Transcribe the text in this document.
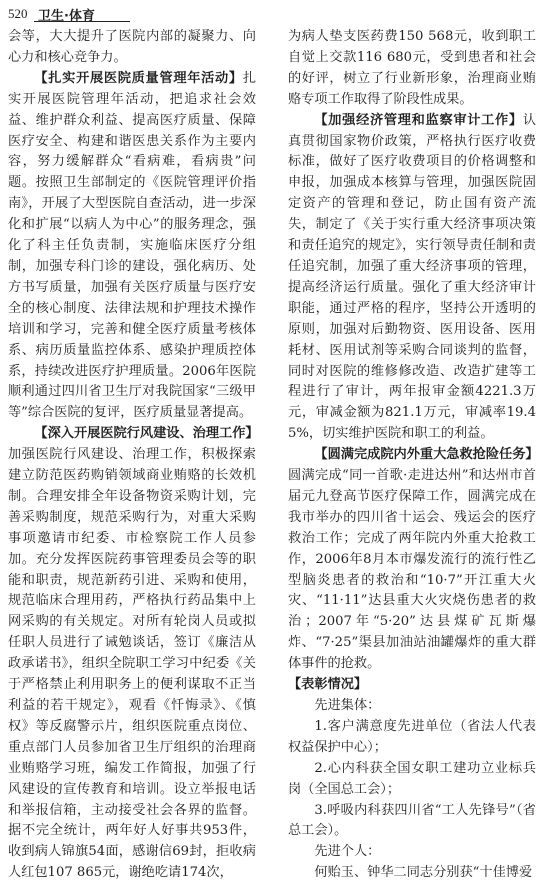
520 卫生·体育

会等，大大提升了医院内部的凝聚力、向心力和核心竞争力。

【扎实开展医院质量管理年活动】扎实开展医院管理年活动，把追求社会效益、维护群众利益、提高医疗质量、保障医疗安全、构建和谐医患关系作为主要内容，努力缓解群众“看病难，看病贵”问题。按照卫生部制定的《医院管理评价指南》，开展了大型医院自查活动，进一步深化和扩展“以病人为中心”的服务理念，强化了科主任负责制，实施临床医疗分组制，加强专科门诊的建设，强化病历、处方书写质量，加强有关医疗质量与医疗安全的核心制度、法律法规和护理技术操作培训和学习，完善和健全医疗质量考核体系、病历质量监控体系、感染护理质控体系，持续改进医疗护理质量。2006年医院顺利通过四川省卫生厅对我院国家“三级甲等”综合医院的复评，医疗质量显著提高。

【深入开展医院行风建设、治理工作】加强医院行风建设、治理工作，积极探索建立防范医药购销领域商业贿赂的长效机制。合理安排全年设备物资采购计划，完善采购制度，规范采购行为，对重大采购事项邀请市纪委、市检察院工作人员参加。充分发挥医院药事管理委员会等的职能和职责，规范新药引进、采购和使用，规范临床合理用药，严格执行药品集中上网采购的有关规定。对所有轮岗人员或拟任职人员进行了诫勉谈话，签订《廉洁从政承诺书》，组织全院职工学习中纪委《关于严格禁止利用职务上的便利谋取不正当利益的若干规定》，观看《忏悔录》、《慎权》等反腐警示片，组织医院重点岗位、重点部门人员参加省卫生厅组织的治理商业贿赂学习班，编发工作简报，加强了行风建设的宣传教育和培训。设立举报电话和举报信箱，主动接受社会各界的监督。据不完全统计，两年好人好事共953件，收到病人锦旗54面，感谢信69封，拒收病人红包107 865元，谢绝吃请174次，

为病人垫支医药费150 568元，收到职工自觉上交款116 680元，受到患者和社会的好评，树立了行业新形象，治理商业贿赂专项工作取得了阶段性成果。

【加强经济管理和监察审计工作】认真贯彻国家物价政策，严格执行医疗收费标准，做好了医疗收费项目的价格调整和申报，加强成本核算与管理，加强医院固定资产的管理和登记，防止国有资产流失，制定了《关于实行重大经济事项决策和责任追究的规定》，实行领导责任制和责任追究制，加强了重大经济事项的管理，提高经济运行质量。强化了重大经济审计职能，通过严格的程序，坚持公开透明的原则，加强对后勤物资、医用设备、医用耗材、医用试剂等采购合同谈判的监督，同时对医院的维修修改造、改造扩建等工程进行了审计，两年报审金额4221.3万元，审减金额为821.1万元，审减率19.45%，切实维护医院和职工的利益。

【圆满完成院内外重大急救抢险任务】圆满完成“同一首歌·走进达州”和达州市首届元九登高节医疗保障工作，圆满完成在我市举办的四川省十运会、残运会的医疗救治工作；完成了两年院内外重大抢救工作，2006年8月本市爆发流行的流行性乙型脑炎患者的救治和“10·7”开江重大火灾、“11·11”达县重大火灾烧伤患者的救治；2007年“5·20”达县煤矿瓦斯爆炸、“7·25”渠县加油站油罐爆炸的重大群体事件的抢救。

【表彰情况】

先进集体：

1.客户满意度先进单位（省法人代表权益保护中心）；

2.心内科获全国女职工建功立业标兵岗（全国总工会）；

3.呼吸内科获四川省“工人先锋号”（省总工会）。

先进个人：

何贻玉、钟华二同志分别获“十佳博爱
